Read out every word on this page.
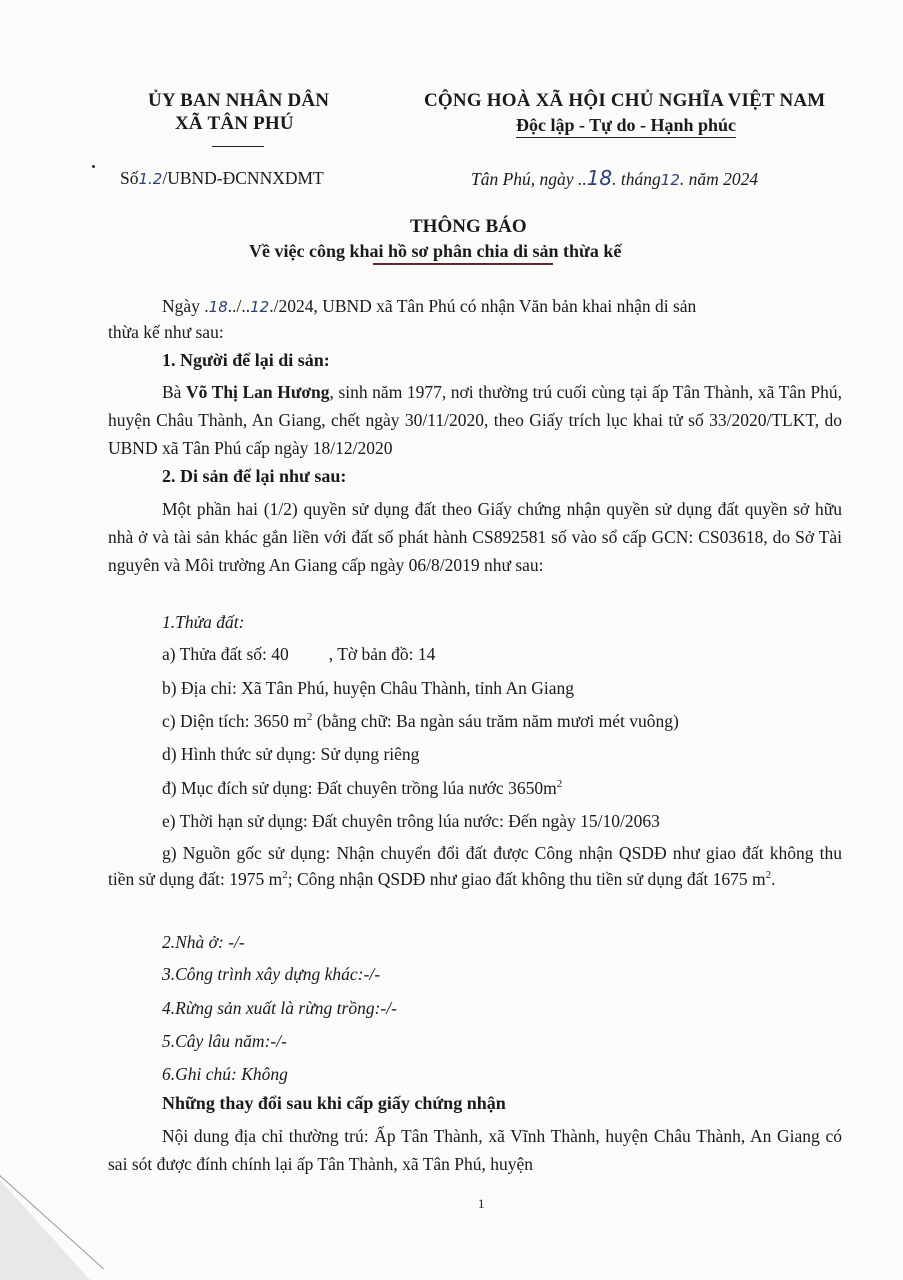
ỦY BAN NHÂN DÂN
XÃ TÂN PHÚ
CỘNG HOÀ XÃ HỘI CHỦ NGHĨA VIỆT NAM
Độc lập - Tự do - Hạnh phúc
Số1.2/UBND-ĐCNNXDMT	Tân Phú, ngày ..18. tháng12. năm 2024
THÔNG BÁO
Về việc công khai hồ sơ phân chia di sản thừa kế
Ngày .18../..12./2024, UBND xã Tân Phú có nhận Văn bản khai nhận di sản
thừa kế như sau:
1. Người để lại di sản:
Bà Võ Thị Lan Hương, sinh năm 1977, nơi thường trú cuối cùng tại ấp Tân Thành, xã Tân Phú, huyện Châu Thành, An Giang, chết ngày 30/11/2020, theo Giấy trích lục khai tử số 33/2020/TLKT, do UBND xã Tân Phú cấp ngày 18/12/2020
2. Di sản để lại như sau:
Một phần hai (1/2) quyền sử dụng đất theo Giấy chứng nhận quyền sử dụng đất quyền sở hữu nhà ở và tài sản khác gắn liền với đất số phát hành CS892581 số vào sổ cấp GCN: CS03618, do Sở Tài nguyên và Môi trường An Giang cấp ngày 06/8/2019 như sau:
1.Thửa đất:
a) Thửa đất số: 40 , Tờ bản đồ: 14
b) Địa chỉ: Xã Tân Phú, huyện Châu Thành, tỉnh An Giang
c) Diện tích: 3650 $m^2$ (bằng chữ: Ba ngàn sáu trăm năm mươi mét vuông)
d) Hình thức sử dụng: Sử dụng riêng
đ) Mục đích sử dụng: Đất chuyên trồng lúa nước $3650m^2$
e) Thời hạn sử dụng: Đất chuyên trông lúa nước: Đến ngày 15/10/2063
g) Nguồn gốc sử dụng: Nhận chuyển đổi đất được Công nhận QSDĐ như giao đất không thu tiền sử dụng đất: 1975 $m^2$; Công nhận QSDĐ như giao đất không thu tiền sử dụng đất 1675 $m^2$.
2.Nhà ở: -/-
3.Công trình xây dựng khác:-/-
4.Rừng sản xuất là rừng trồng:-/-
5.Cây lâu năm:-/-
6.Ghi chú: Không
Những thay đổi sau khi cấp giấy chứng nhận
Nội dung địa chỉ thường trú: Ấp Tân Thành, xã Vĩnh Thành, huyện Châu Thành, An Giang có sai sót được đính chính lại ấp Tân Thành, xã Tân Phú, huyện
1
